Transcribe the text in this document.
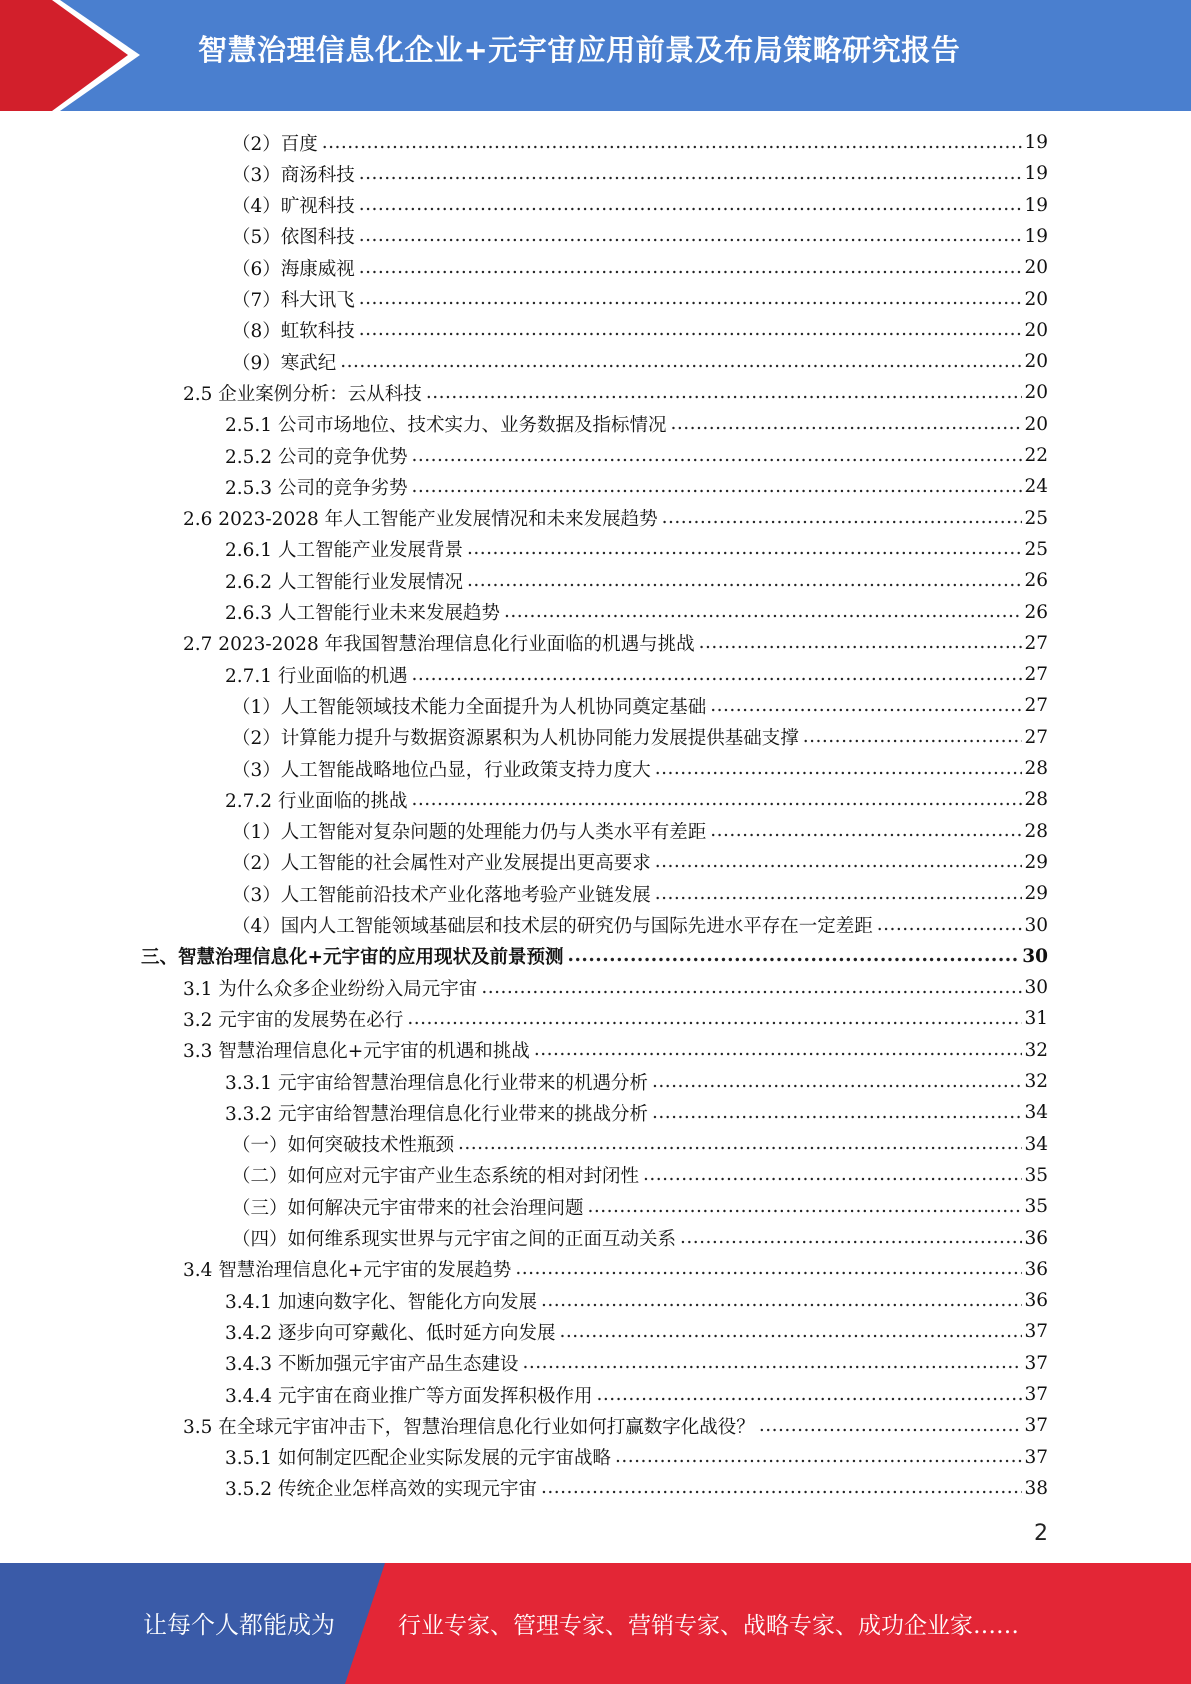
智慧治理信息化企业+元宇宙应用前景及布局策略研究报告
（2）百度 .....	19
（3）商汤科技 .....	19
（4）旷视科技 .....	19
（5）依图科技 .....	19
（6）海康威视 .....	20
（7）科大讯飞 .....	20
（8）虹软科技 .....	20
（9）寒武纪 .....	20
2.5 企业案例分析：云从科技 .....	20
2.5.1 公司市场地位、技术实力、业务数据及指标情况 .....	20
2.5.2 公司的竞争优势 .....	22
2.5.3 公司的竞争劣势 .....	24
2.6 2023-2028 年人工智能产业发展情况和未来发展趋势 .....	25
2.6.1 人工智能产业发展背景 .....	25
2.6.2 人工智能行业发展情况 .....	26
2.6.3 人工智能行业未来发展趋势 .....	26
2.7 2023-2028 年我国智慧治理信息化行业面临的机遇与挑战 .....	27
2.7.1 行业面临的机遇 .....	27
（1）人工智能领域技术能力全面提升为人机协同奠定基础 .....	27
（2）计算能力提升与数据资源累积为人机协同能力发展提供基础支撑 .....	27
（3）人工智能战略地位凸显，行业政策支持力度大 .....	28
2.7.2 行业面临的挑战 .....	28
（1）人工智能对复杂问题的处理能力仍与人类水平有差距 .....	28
（2）人工智能的社会属性对产业发展提出更高要求 .....	29
（3）人工智能前沿技术产业化落地考验产业链发展 .....	29
（4）国内人工智能领域基础层和技术层的研究仍与国际先进水平存在一定差距 .....	30
三、智慧治理信息化+元宇宙的应用现状及前景预测 .....	30
3.1 为什么众多企业纷纷入局元宇宙 .....	30
3.2 元宇宙的发展势在必行 .....	31
3.3 智慧治理信息化+元宇宙的机遇和挑战 .....	32
3.3.1 元宇宙给智慧治理信息化行业带来的机遇分析 .....	32
3.3.2 元宇宙给智慧治理信息化行业带来的挑战分析 .....	34
（一）如何突破技术性瓶颈 .....	34
（二）如何应对元宇宙产业生态系统的相对封闭性 .....	35
（三）如何解决元宇宙带来的社会治理问题 .....	35
（四）如何维系现实世界与元宇宙之间的正面互动关系 .....	36
3.4 智慧治理信息化+元宇宙的发展趋势 .....	36
3.4.1 加速向数字化、智能化方向发展 .....	36
3.4.2 逐步向可穿戴化、低时延方向发展 .....	37
3.4.3 不断加强元宇宙产品生态建设 .....	37
3.4.4 元宇宙在商业推广等方面发挥积极作用 .....	37
3.5 在全球元宇宙冲击下，智慧治理信息化行业如何打赢数字化战役？ .....	37
3.5.1 如何制定匹配企业实际发展的元宇宙战略 .....	37
3.5.2 传统企业怎样高效的实现元宇宙 .....	38
2
让每个人都能成为	行业专家、管理专家、营销专家、战略专家、成功企业家……
